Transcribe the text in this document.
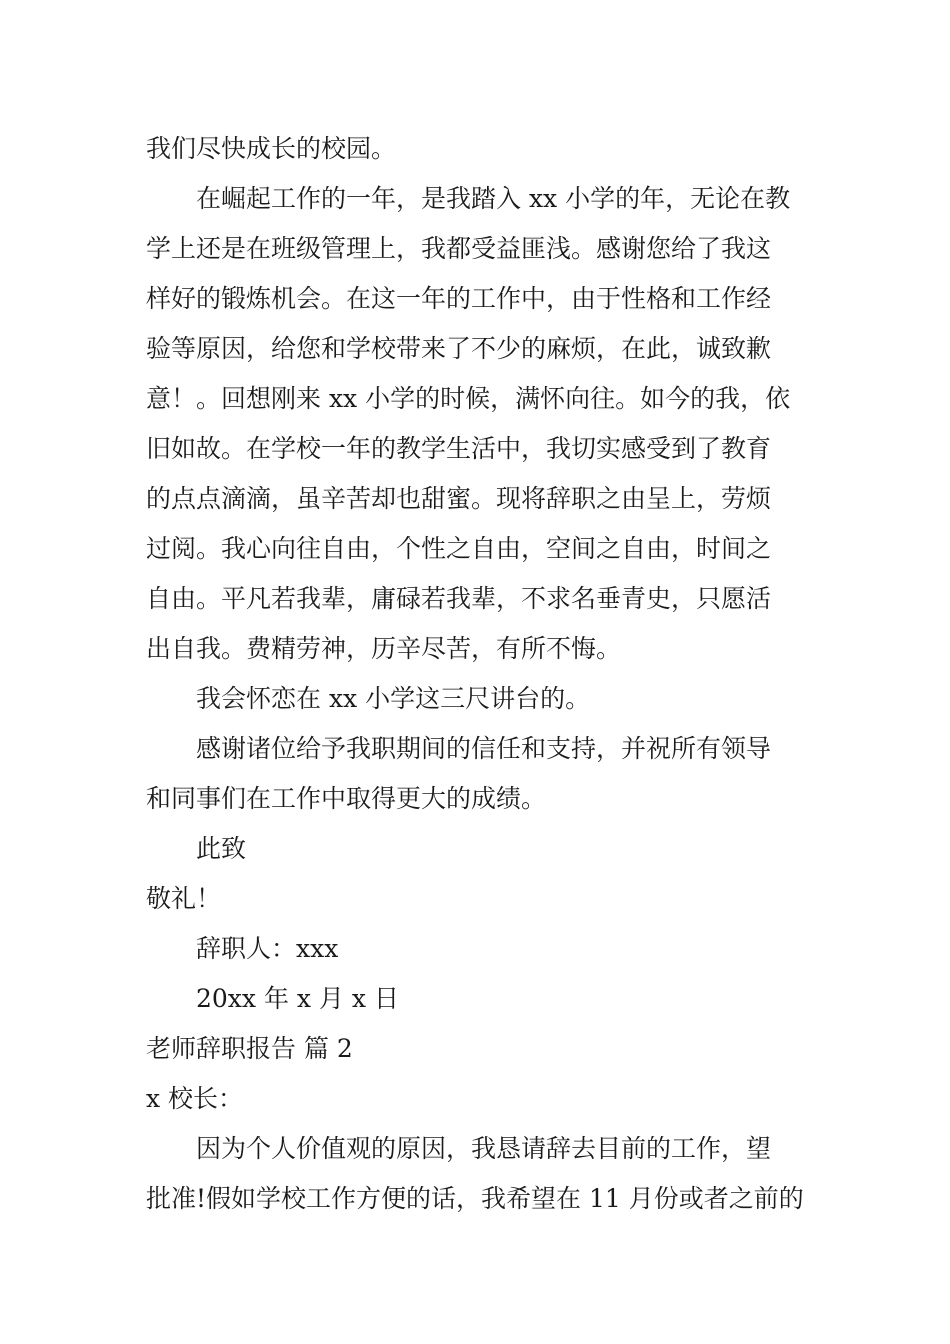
我们尽快成长的校园。
在崛起工作的一年，是我踏入 xx 小学的年，无论在教
学上还是在班级管理上，我都受益匪浅。感谢您给了我这
样好的锻炼机会。在这一年的工作中，由于性格和工作经
验等原因，给您和学校带来了不少的麻烦，在此，诚致歉
意！。回想刚来 xx 小学的时候，满怀向往。如今的我，依
旧如故。在学校一年的教学生活中，我切实感受到了教育
的点点滴滴，虽辛苦却也甜蜜。现将辞职之由呈上，劳烦
过阅。我心向往自由，个性之自由，空间之自由，时间之
自由。平凡若我辈，庸碌若我辈，不求名垂青史，只愿活
出自我。费精劳神，历辛尽苦，有所不悔。
我会怀恋在 xx 小学这三尺讲台的。
感谢诸位给予我职期间的信任和支持，并祝所有领导
和同事们在工作中取得更大的成绩。
此致
敬礼！
辞职人：xxx
20xx 年 x 月 x 日
老师辞职报告 篇 2
x 校长：
因为个人价值观的原因，我恳请辞去目前的工作，望
批准!假如学校工作方便的话，我希望在 11 月份或者之前的
